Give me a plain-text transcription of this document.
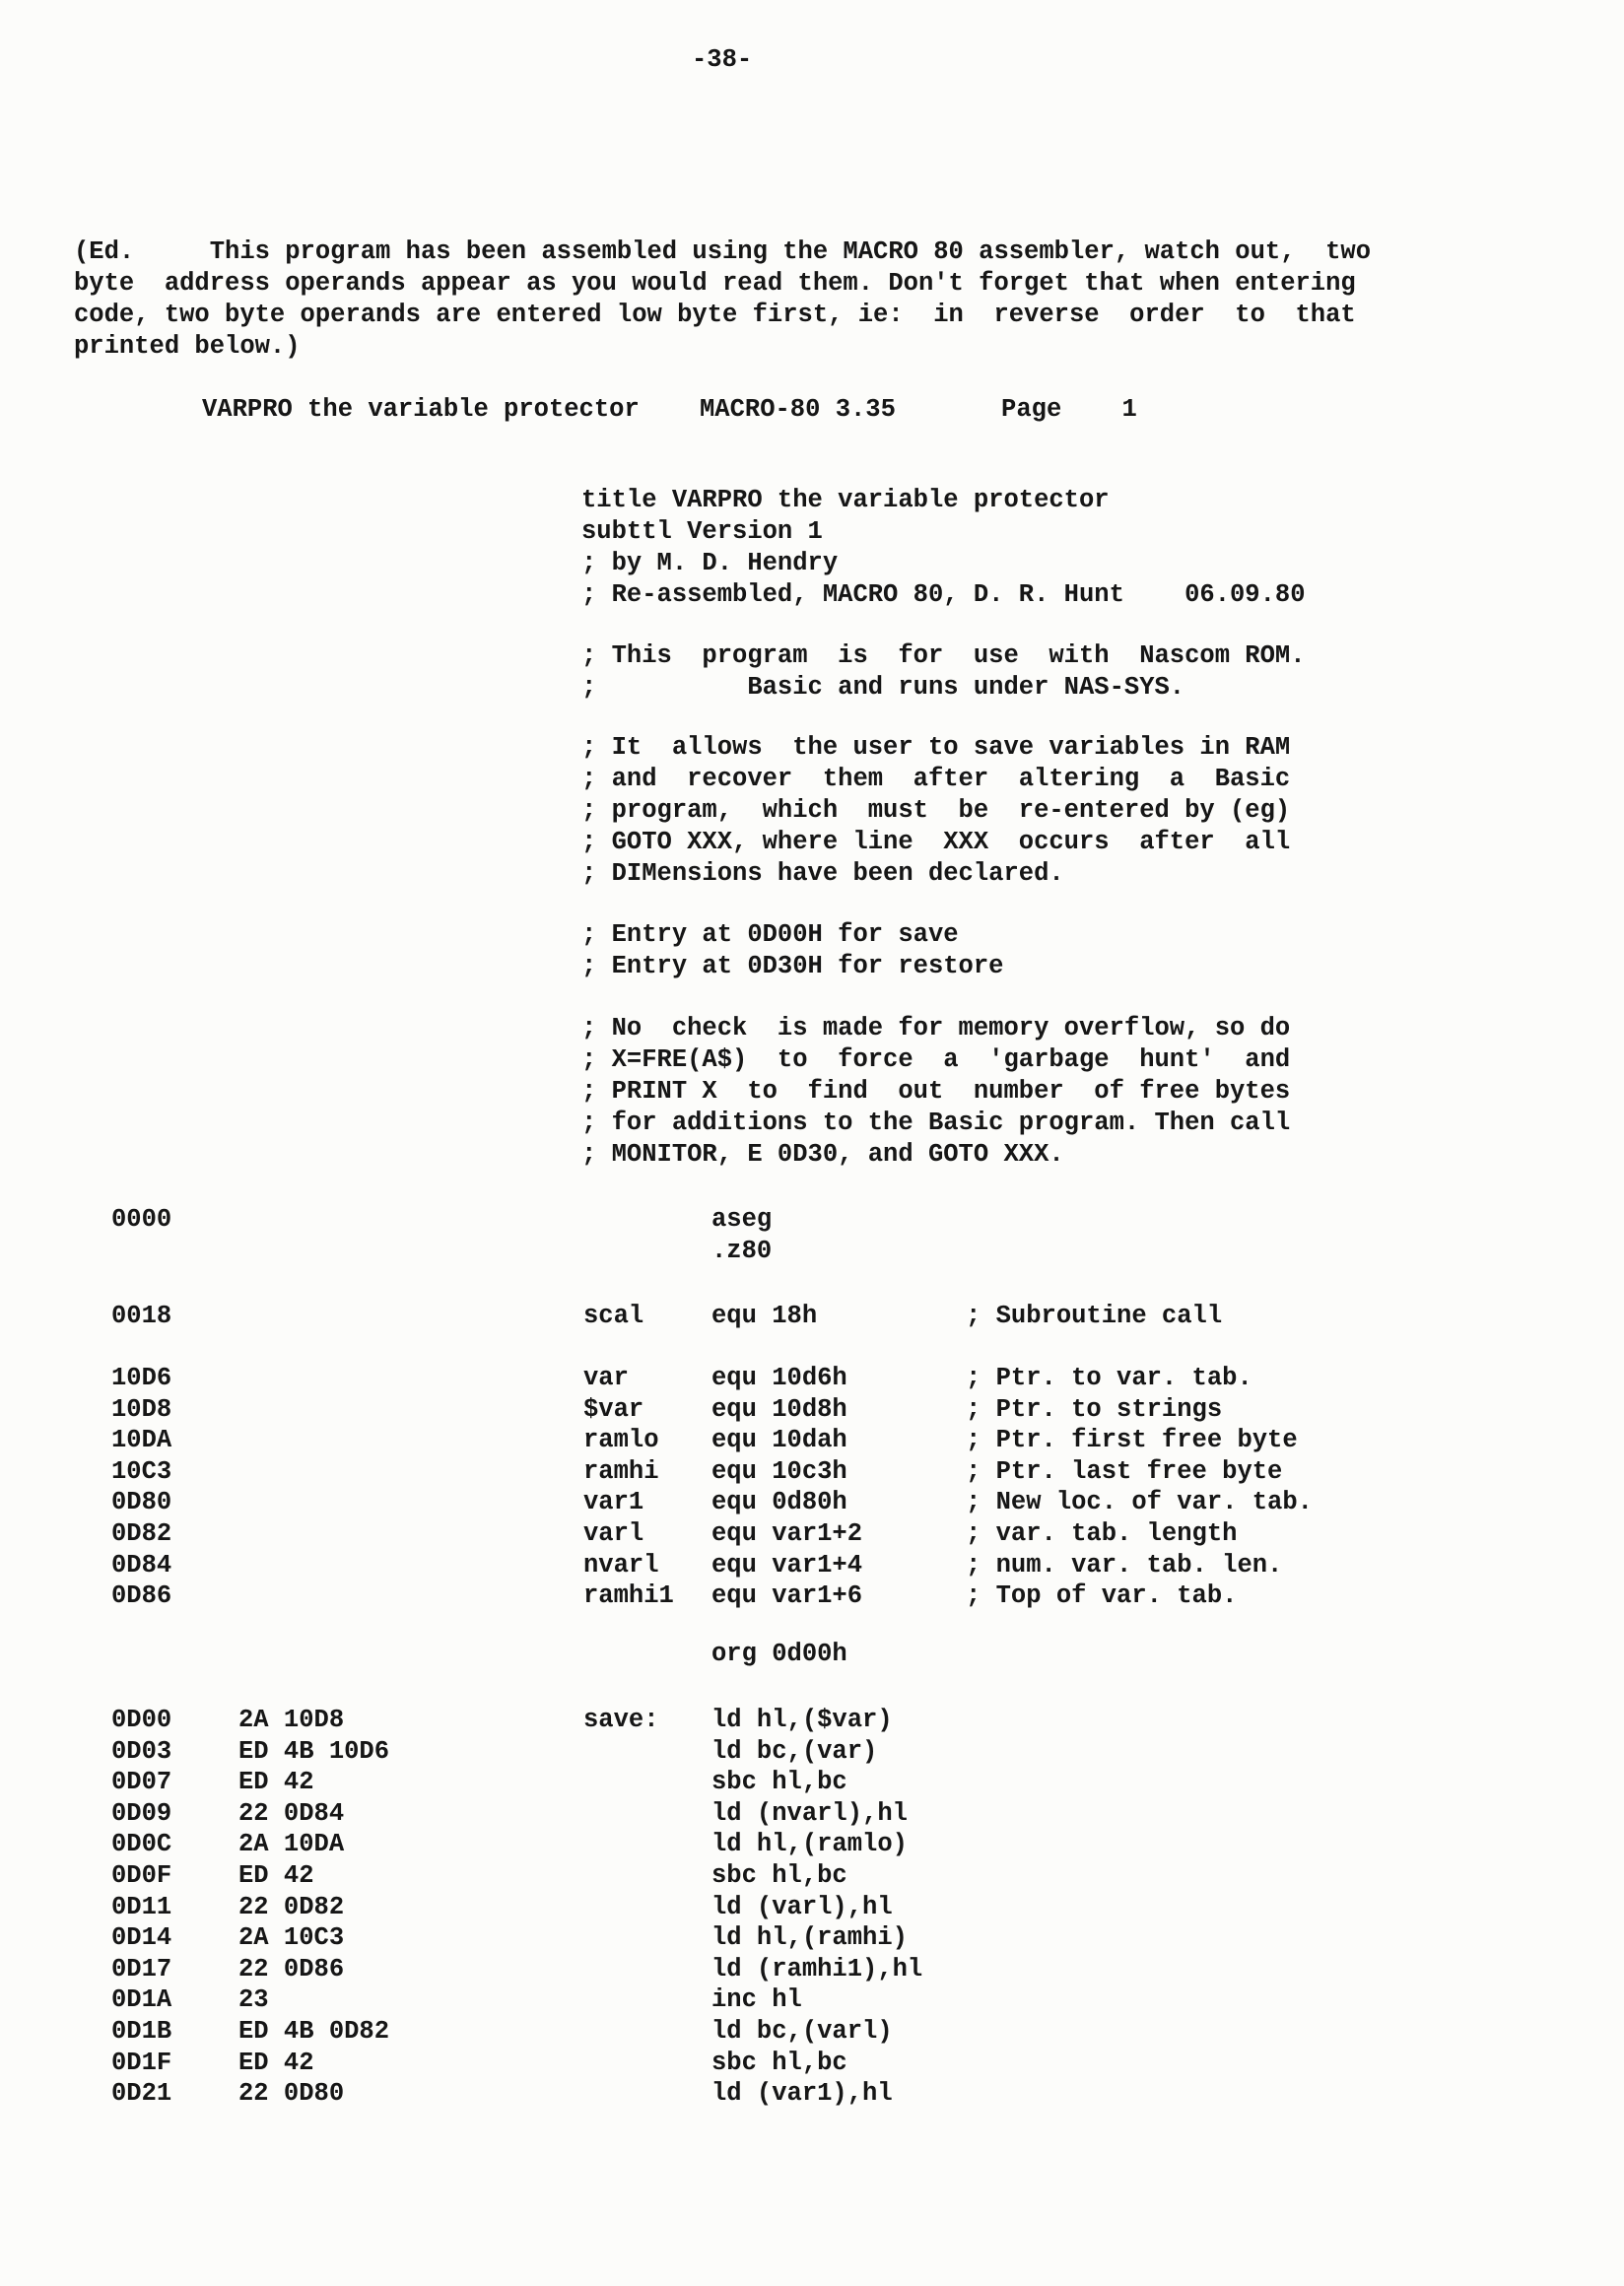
-38-
(Ed.     This program has been assembled using the MACRO 80 assembler, watch out,  two
byte  address operands appear as you would read them. Don't forget that when entering
code, two byte operands are entered low byte first, ie:  in  reverse  order  to  that
printed below.)
VARPRO the variable protector    MACRO-80 3.35       Page    1
title VARPRO the variable protector
subttl Version 1
; by M. D. Hendry
; Re-assembled, MACRO 80, D. R. Hunt    06.09.80
; This  program  is  for  use  with  Nascom ROM.
;          Basic and runs under NAS-SYS.
; It  allows  the user to save variables in RAM
; and  recover  them  after  altering  a  Basic
; program,  which  must  be  re-entered by (eg)
; GOTO XXX, where line  XXX  occurs  after  all
; DIMensions have been declared.
; Entry at 0D00H for save
; Entry at 0D30H for restore
; No  check  is made for memory overflow, so do
; X=FRE(A$)  to  force  a  'garbage  hunt'  and
; PRINT X  to  find  out  number  of free bytes
; for additions to the Basic program. Then call
; MONITOR, E 0D30, and GOTO XXX.
0000	aseg
.z80
0018	scal	equ 18h	; Subroutine call
10D6	var	equ 10d6h	; Ptr. to var. tab.
10D8	$var	equ 10d8h	; Ptr. to strings
10DA	ramlo equ 10dah	; Ptr. first free byte
10C3	ramhi equ 10c3h	; Ptr. last free byte
0D80	var1	equ 0d80h	; New loc. of var. tab.
0D82	varl	equ var1+2	; var. tab. length
0D84	nvarl equ var1+4	; num. var. tab. len.
0D86	ramhi1 equ var1+6	; Top of var. tab.
org 0d00h
0D00	2A 10D8	save: ld hl,($var)
0D03	ED 4B 10D6	ld bc,(var)
0D07	ED 42	sbc hl,bc
0D09	22 0D84	ld (nvarl),hl
0D0C	2A 10DA	ld hl,(ramlo)
0D0F	ED 42	sbc hl,bc
0D11	22 0D82	ld (varl),hl
0D14	2A 10C3	ld hl,(ramhi)
0D17	22 0D86	ld (ramhi1),hl
0D1A	23	inc hl
0D1B	ED 4B 0D82	ld bc,(varl)
0D1F	ED 42	sbc hl,bc
0D21	22 0D80	ld (var1),hl
